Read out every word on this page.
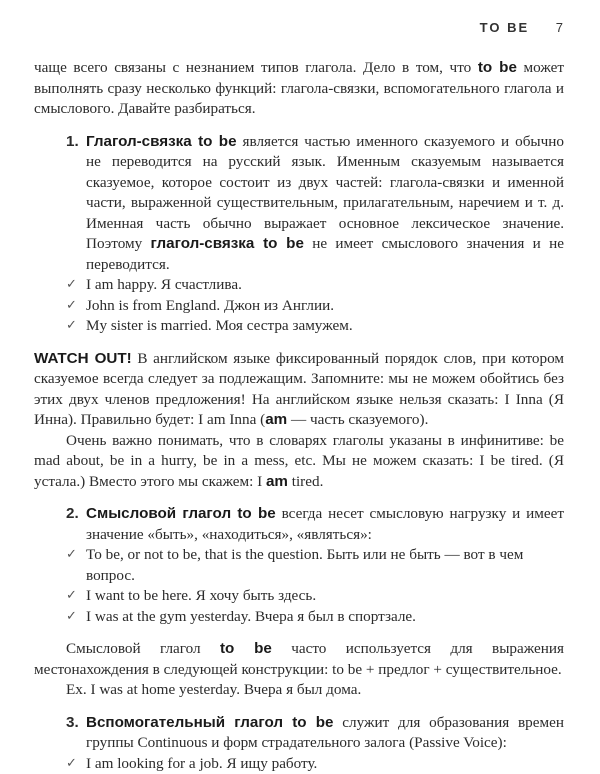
TO BE 7

чаще всего связаны с незнанием типов глагола. Дело в том, что to be может выполнять сразу несколько функций: глагола-связки, вспомогательного глагола и смыслового. Давайте разбираться.

1. Глагол-связка to be является частью именного сказуемого и обычно не переводится на русский язык. Именным сказуемым называется сказуемое, которое состоит из двух частей: глагола-связки и именной части, выраженной существительным, прилагательным, наречием и т. д. Именная часть обычно выражает основное лексическое значение. Поэтому глагол-связка to be не имеет смыслового значения и не переводится.

✓ I am happy. Я счастлива.
✓ John is from England. Джон из Англии.
✓ My sister is married. Моя сестра замужем.

WATCH OUT! В английском языке фиксированный порядок слов, при котором сказуемое всегда следует за подлежащим. Запомните: мы не можем обойтись без этих двух членов предложения! На английском языке нельзя сказать: I Inna (Я Инна). Правильно будет: I am Inna (am — часть сказуемого).

Очень важно понимать, что в словарях глаголы указаны в инфинитиве: be mad about, be in a hurry, be in a mess, etc. Мы не можем сказать: I be tired. (Я устала.) Вместо этого мы скажем: I am tired.

2. Смысловой глагол to be всегда несет смысловую нагрузку и имеет значение «быть», «находиться», «являться»:

✓ To be, or not to be, that is the question. Быть или не быть — вот в чем вопрос.
✓ I want to be here. Я хочу быть здесь.
✓ I was at the gym yesterday. Вчера я был в спортзале.

Смысловой глагол to be часто используется для выражения местонахождения в следующей конструкции: to be + предлог + существительное.

Ex. I was at home yesterday. Вчера я был дома.

3. Вспомогательный глагол to be служит для образования времен группы Continuous и форм страдательного залога (Passive Voice):

✓ I am looking for a job. Я ищу работу.
